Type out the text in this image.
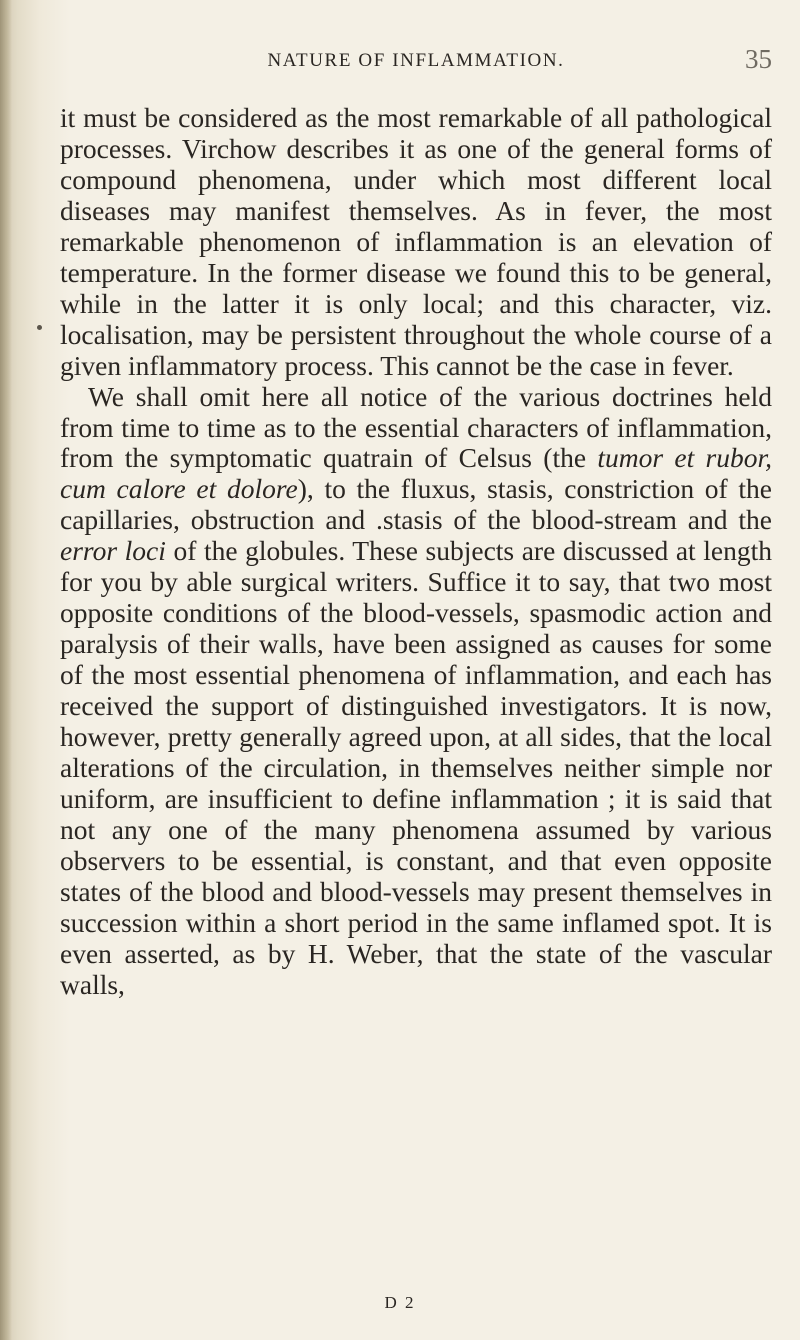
NATURE OF INFLAMMATION.	35

it must be considered as the most remarkable of all pathological processes. Virchow describes it as one of the general forms of compound phenomena, under which most different local diseases may manifest themselves. As in fever, the most remarkable phenomenon of inflammation is an elevation of temperature. In the former disease we found this to be general, while in the latter it is only local; and this character, viz. localisation, may be persistent throughout the whole course of a given inflammatory process. This cannot be the case in fever.

We shall omit here all notice of the various doctrines held from time to time as to the essential characters of inflammation, from the symptomatic quatrain of Celsus (the tumor et rubor, cum calore et dolore), to the fluxus, stasis, constriction of the capillaries, obstruction and .stasis of the blood-stream and the error loci of the globules. These subjects are discussed at length for you by able surgical writers. Suffice it to say, that two most opposite conditions of the blood-vessels, spasmodic action and paralysis of their walls, have been assigned as causes for some of the most essential phenomena of inflammation, and each has received the support of distinguished investigators. It is now, however, pretty generally agreed upon, at all sides, that the local alterations of the circulation, in themselves neither simple nor uniform, are insufficient to define inflammation ; it is said that not any one of the many phenomena assumed by various observers to be essential, is constant, and that even opposite states of the blood and blood-vessels may present themselves in succession within a short period in the same inflamed spot. It is even asserted, as by H. Weber, that the state of the vascular walls,

D 2
